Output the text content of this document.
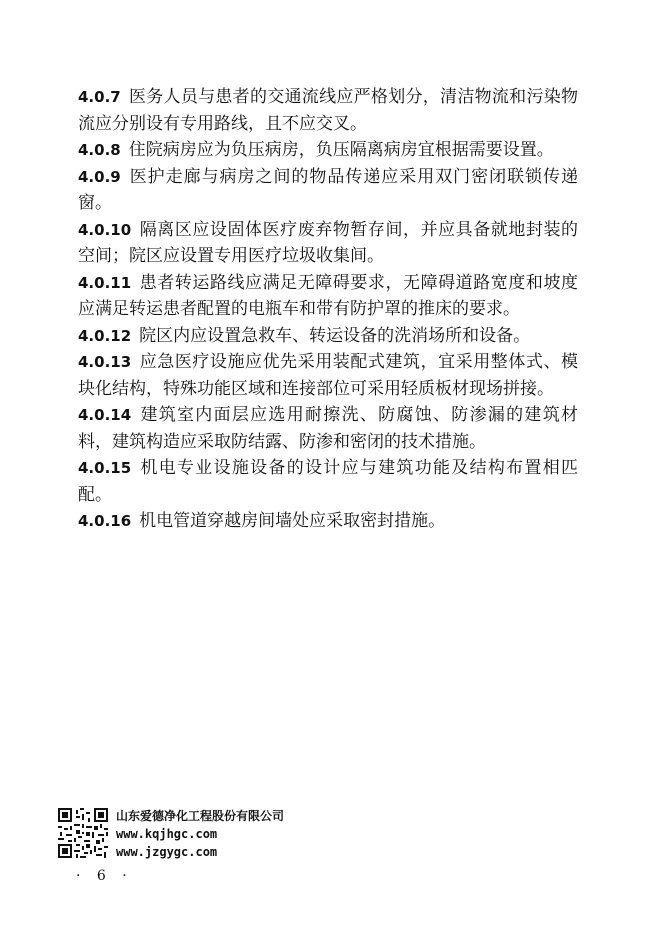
4.0.7 医务人员与患者的交通流线应严格划分，清洁物流和污染物流应分别设有专用路线，且不应交叉。

4.0.8 住院病房应为负压病房，负压隔离病房宜根据需要设置。

4.0.9 医护走廊与病房之间的物品传递应采用双门密闭联锁传递窗。

4.0.10 隔离区应设固体医疗废弃物暂存间，并应具备就地封装的空间；院区应设置专用医疗垃圾收集间。

4.0.11 患者转运路线应满足无障碍要求，无障碍道路宽度和坡度应满足转运患者配置的电瓶车和带有防护罩的推床的要求。

4.0.12 院区内应设置急救车、转运设备的洗消场所和设备。

4.0.13 应急医疗设施应优先采用装配式建筑，宜采用整体式、模块化结构，特殊功能区域和连接部位可采用轻质板材现场拼接。

4.0.14 建筑室内面层应选用耐擦洗、防腐蚀、防渗漏的建筑材料，建筑构造应采取防结露、防渗和密闭的技术措施。

4.0.15 机电专业设施设备的设计应与建筑功能及结构布置相匹配。

4.0.16 机电管道穿越房间墙处应采取密封措施。

山东爱德净化工程股份有限公司
www.kqjhgc.com
www.jzgygc.com
· 6 ·
